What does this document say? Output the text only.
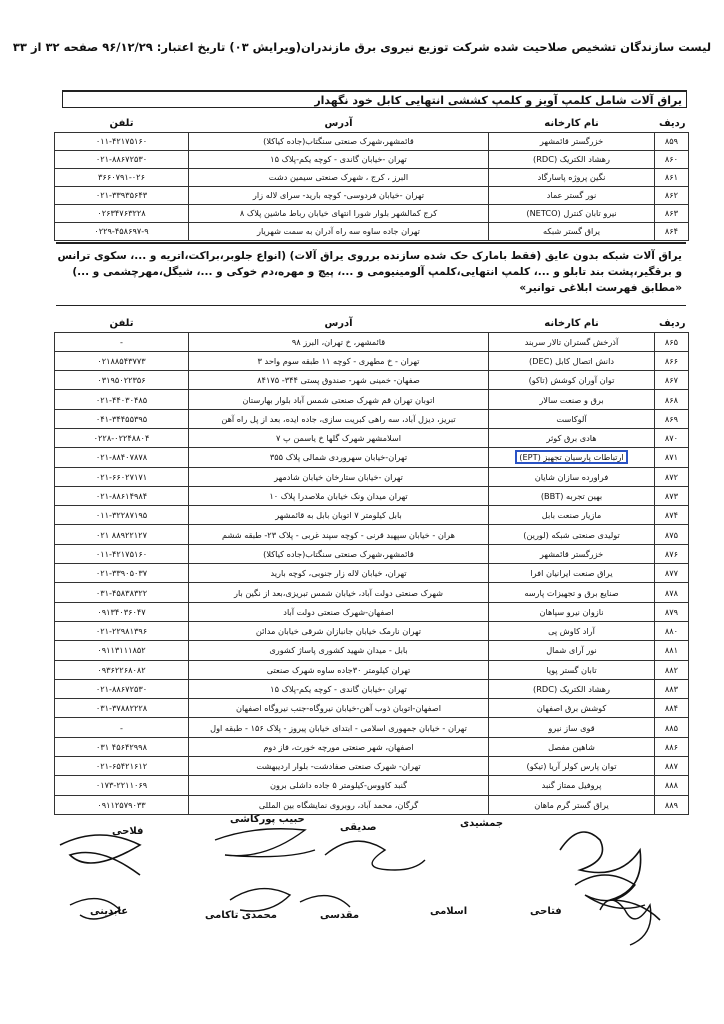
لیست سازندگان تشخیص صلاحیت شده شرکت توزیع نیروی برق مازندران(ویرایش ۰۳) تاریخ اعتبار: ۹۶/۱۲/۲۹ صفحه ۳۲ از ۳۳
یراق آلات شامل کلمپ آویز و کلمپ کششی انتهایی کابل خود نگهدار
ردیف	نام کارخانه	آدرس	تلفن
۸۵۹	خزرگستر قائمشهر	قائمشهر،شهرک صنعتی سنگتاب(جاده کیاکلا)	۰۱۱-۴۲۱۷۵۱۶۰
۸۶۰	رهشاد الکتریک (RDC)	تهران -خیابان گاندی - کوچه یکم-پلاک ۱۵	۰۲۱-۸۸۶۷۲۵۳۰
۸۶۱	نگین پروژه پاسارگاد	البرز ، کرج ، شهرک صنعتی سیمین دشت	۳۶۶۰۷۹۱-۰۲۶
۸۶۲	نور گستر عماد	تهران -خیابان فردوسی- کوچه بارید- سرای لاله زار	۰۲۱-۳۳۹۳۵۶۴۳
۸۶۳	نیرو تابان کنترل (NETCO)	کرج کمالشهر بلوار شورا انتهای خیابان رباط ماشین پلاک ۸	۰۲۶۳۴۷۶۳۲۲۸
۸۶۴	یراق گستر شبکه	تهران جاده ساوه سه راه آدران به سمت شهریار	۰۲۲۹-۴۵۸۶۹۷-۹
یراق آلات شبکه بدون عایق (فقط بامارک حک شده سازنده برروی یراق آلات) (انواع جلوبر،براکت،اتریه و ...، سکوی ترانس و برقگیر،پشت بند تابلو و ...، کلمپ انتهایی،کلمپ آلومینیومی و ...، پیچ و مهره،دم خوکی و ...، شیگل،مهرچشمی و ...) «مطابق فهرست ابلاغی توانیر»
ردیف	نام کارخانه	آدرس	تلفن
۸۶۵	آذرخش گستران تالار سربند	قائمشهر، خ تهران، البرز ۹۸	-
۸۶۶	دانش اتصال کابل (DEC)	تهران - خ مطهری - کوچه ۱۱ طبقه سوم واحد ۳	۰۲۱۸۸۵۴۳۷۷۳
۸۶۷	توان آوران کوشش (تاکو)	صفهان- خمینی شهر- صندوق پستی ۳۴۴- ۸۴۱۷۵	۰۳۱۹۵۰۲۲۳۵۶
۸۶۸	برق و صنعت سالار	اتوبان تهران قم شهرک صنعتی شمس آباد بلوار بهارستان	۰۲۱-۴۴۰۳۰۴۸۵
۸۶۹	آلوکاست	تبریز، دیزل آباد، سه راهی کبریت سازی، جاده ایده، بعد از پل راه آهن	۰۴۱-۳۴۴۵۵۳۹۵
۸۷۰	هادی برق کوثر	اسلامشهر شهرک گلها خ یاسمن پ ۷	۰۲۲۸-۰۲۲۴۸۸۰۴
۸۷۱	ارتباطات پارسیان تجهیز (EPT)	تهران-خیابان سهروردی شمالی پلاک ۳۵۵	۰۲۱-۸۸۴۰۷۸۷۸
۸۷۲	فراورده سازان شایان	تهران -خیابان ستارخان خیابان شادمهر	۰۲۱-۶۶۰۲۷۱۷۱
۸۷۳	بهین تجربه (BBT)	تهران میدان ونک خیابان ملاصدرا پلاک ۱۰	۰۲۱-۸۸۶۱۴۹۸۴
۸۷۴	مازیار صنعت بابل	بابل کیلومتر ۷ اتوبان بابل به قائمشهر	۰۱۱-۳۲۲۸۷۱۹۵
۸۷۵	تولیدی صنعتی شبکه (لورین)	هران - خیابان سپهبد قرنی - کوچه سپند غربی - پلاک ۲۳- طبقه ششم	۰۲۱ ۸۸۹۲۲۱۲۷
۸۷۶	خزرگستر قائمشهر	قائمشهر،شهرک صنعتی سنگتاب(جاده کیاکلا)	۰۱۱-۴۲۱۷۵۱۶۰
۸۷۷	یراق صنعت ایرانیان افرا	تهران، خیابان لاله زار جنوبی، کوچه بارید	۰۲۱-۳۳۹۰۵۰۳۷
۸۷۸	صنایع برق و تجهیزات پارسه	شهرک صنعتی دولت آباد، خیابان شمس تبریزی،بعد از نگین بار	۰۳۱-۴۵۸۳۸۳۲۲
۸۷۹	نازوان نیرو سپاهان	اصفهان-شهرک صنعتی دولت آباد	۰۹۱۳۴۰۳۶۰۴۷
۸۸۰	آراد کاوش پی	تهران نارمک خیابان جانبازان شرقی خیابان مدائن	۰۲۱-۲۲۹۸۱۳۹۶
۸۸۱	نور آرای شمال	بابل - میدان شهید کشوری پاساژ کشوری	۰۹۱۱۳۱۱۱۸۵۲
۸۸۲	تابان گستر پویا	تهران کیلومتر ۳۰جاده ساوه شهرک صنعتی	۰۹۳۶۲۲۶۸۰۸۲
۸۸۳	رهشاد الکتریک (RDC)	تهران -خیابان گاندی - کوچه یکم-پلاک ۱۵	۰۲۱-۸۸۶۷۲۵۳۰
۸۸۴	کوشش برق اصفهان	اصفهان-اتوبان ذوب آهن-خیابان نیروگاه-جنب نیروگاه اصفهان	۰۳۱-۳۷۸۸۲۲۲۸
۸۸۵	قوی ساز نیرو	تهران - خیابان جمهوری اسلامی - ابتدای خیابان پیروز - پلاک ۱۵۶ - طبقه اول	-
۸۸۶	شاهین مفصل	اصفهان، شهر صنعتی مورچه خورت، فاز دوم	۰۳۱ ۴۵۶۴۲۹۹۸
۸۸۷	توان پارس کولر آریا (تیکو)	تهران- شهرک صنعتی صفادشت- بلوار اردیبهشت	۰۲۱-۶۵۴۲۱۶۱۲
۸۸۸	پروفیل ممتاز گنبد	گنبد کاووس-کیلومتر ۵ جاده داشلی برون	۰۱۷۳-۲۲۱۱۰۶۹
۸۸۹	یراق گستر گرم ماهان	گرگان، محمد آباد، روبروی نمایشگاه بین المللی	۰۹۱۱۲۵۷۹۰۳۳
جمشیدی
صدیقی
حبیب پورکاشی
فلاحی
فتاحی
اسلامی
مقدسی
محمدی تاکامی
عابدینی
